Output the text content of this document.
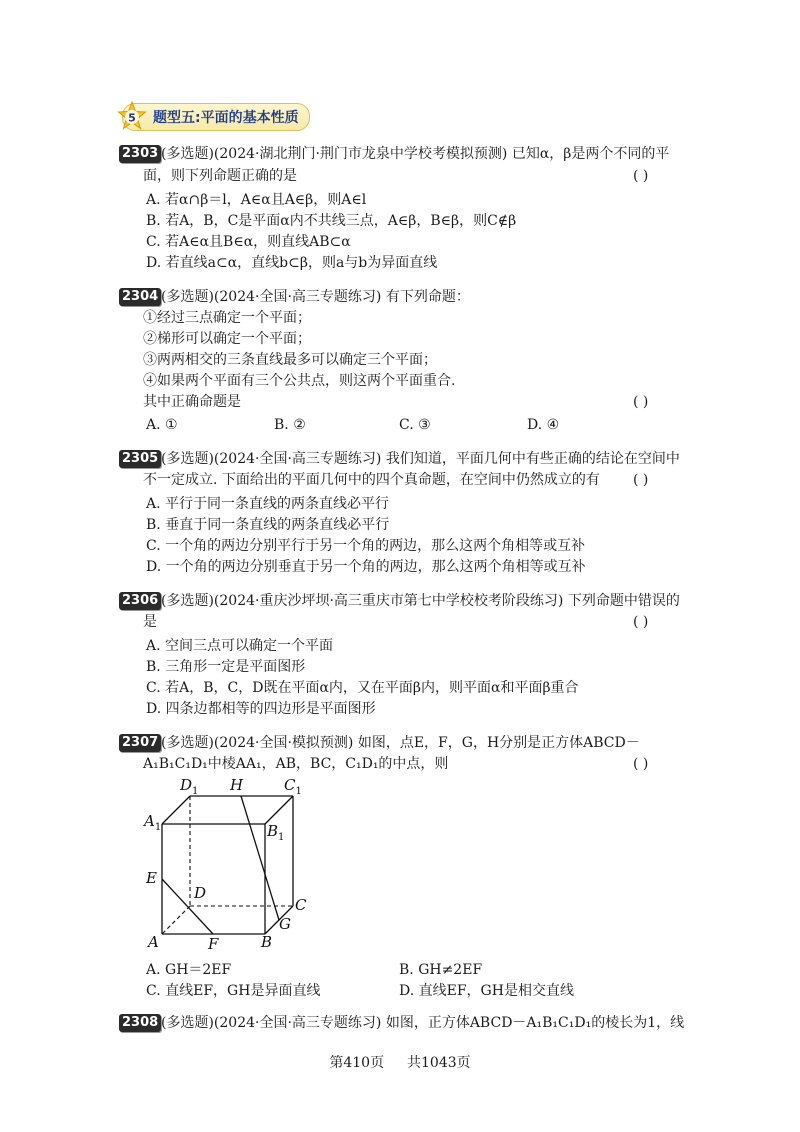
5 题型五:平面的基本性质
2303 (多选题)(2024·湖北荆门·荆门市龙泉中学校考模拟预测) 已知α，β是两个不同的平
面，则下列命题正确的是	( )
A. 若α∩β＝l，A∈α且A∈β，则A∈l
B. 若A，B，C是平面α内不共线三点，A∈β，B∈β，则C∉β
C. 若A∈α且B∈α，则直线AB⊂α
D. 若直线a⊂α，直线b⊂β，则a与b为异面直线
2304 (多选题)(2024·全国·高三专题练习) 有下列命题：
①经过三点确定一个平面；
②梯形可以确定一个平面；
③两两相交的三条直线最多可以确定三个平面；
④如果两个平面有三个公共点，则这两个平面重合.
其中正确命题是	( )
A. ①	B. ②	C. ③	D. ④
2305 (多选题)(2024·全国·高三专题练习) 我们知道，平面几何中有些正确的结论在空间中
不一定成立. 下面给出的平面几何中的四个真命题，在空间中仍然成立的有 ( )
A. 平行于同一条直线的两条直线必平行
B. 垂直于同一条直线的两条直线必平行
C. 一个角的两边分别平行于另一个角的两边，那么这两个角相等或互补
D. 一个角的两边分别垂直于另一个角的两边，那么这两个角相等或互补
2306 (多选题)(2024·重庆沙坪坝·高三重庆市第七中学校校考阶段练习) 下列命题中错误的
是	( )
A. 空间三点可以确定一个平面
B. 三角形一定是平面图形
C. 若A，B，C，D既在平面α内，又在平面β内，则平面α和平面β重合
D. 四条边都相等的四边形是平面图形
2307 (多选题)(2024·全国·模拟预测) 如图，点E，F，G，H分别是正方体ABCD－
A₁B₁C₁D₁中棱AA₁，AB，BC，C₁D₁的中点，则	( )
$D_1$ H	$C_1$
$A_1$	$B_1$
E
D
C
G
A	F	B
A. GH＝2EF	B. GH≠2EF
C. 直线EF，GH是异面直线	D. 直线EF，GH是相交直线
2308 (多选题)(2024·全国·高三专题练习) 如图，正方体ABCD－A₁B₁C₁D₁的棱长为1，线
第410页 共1043页
